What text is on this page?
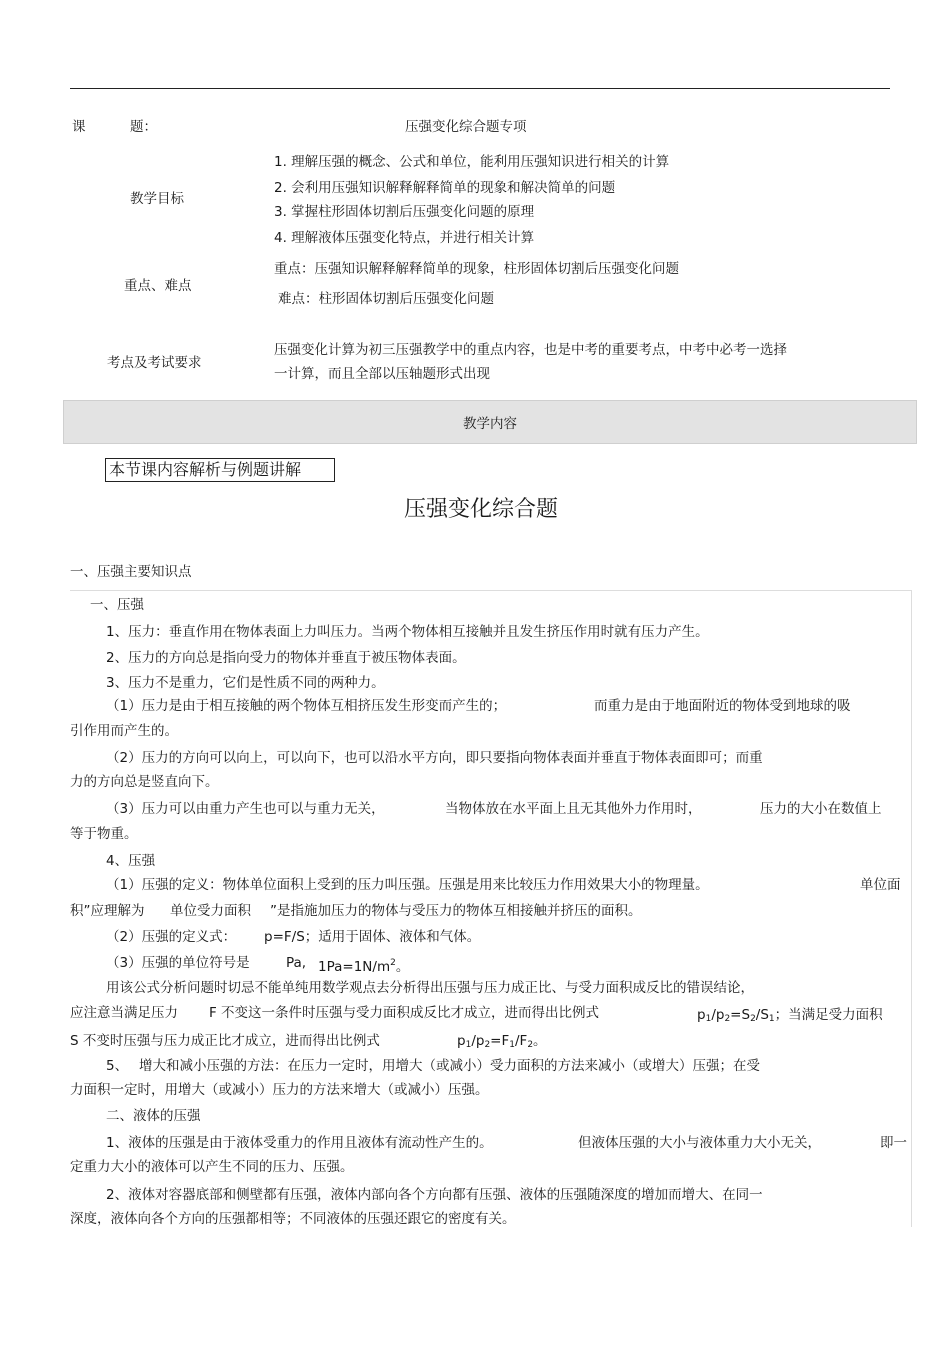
课	题：	压强变化综合题专项
教学目标
1. 理解压强的概念、公式和单位，能利用压强知识进行相关的计算
2. 会利用压强知识解释解释简单的现象和解决简单的问题
3. 掌握柱形固体切割后压强变化问题的原理
4. 理解液体压强变化特点，并进行相关计算
重点、难点
重点：压强知识解释解释简单的现象，柱形固体切割后压强变化问题
难点：柱形固体切割后压强变化问题
考点及考试要求
压强变化计算为初三压强教学中的重点内容，也是中考的重要考点，中考中必考一选择
一计算，而且全部以压轴题形式出现
教学内容
本节课内容解析与例题讲解
压强变化综合题
一、压强主要知识点
一、压强
1、压力：垂直作用在物体表面上力叫压力。当两个物体相互接触并且发生挤压作用时就有压力产生。
2、压力的方向总是指向受力的物体并垂直于被压物体表面。
3、压力不是重力，它们是性质不同的两种力。
（1）压力是由于相互接触的两个物体互相挤压发生形变而产生的；	而重力是由于地面附近的物体受到地球的吸
引作用而产生的。
（2）压力的方向可以向上，可以向下，也可以沿水平方向，即只要指向物体表面并垂直于物体表面即可；而重
力的方向总是竖直向下。
（3）压力可以由重力产生也可以与重力无关，	当物体放在水平面上且无其他外力作用时，	压力的大小在数值上
等于物重。
4、压强
（1）压强的定义：物体单位面积上受到的压力叫压强。压强是用来比较压力作用效果大小的物理量。	单位面
积”应理解为 单位受力面积 ”是指施加压力的物体与受压力的物体互相接触并挤压的面积。
（2）压强的定义式： p=F/S；适用于固体、液体和气体。
（3）压强的单位符号是	Pa, $1Pa=1N/m^2$。
用该公式分析问题时切忌不能单纯用数学观点去分析得出压强与压力成正比、与受力面积成反比的错误结论，
应注意当满足压力 F 不变这一条件时压强与受力面积成反比才成立，进而得出比例式	$p_1/p_2=S_2/S_1$；当满足受力面积
S 不变时压强与压力成正比才成立，进而得出比例式	$p_1/p_2=F_1/F_2$。
5、 增大和减小压强的方法：在压力一定时，用增大（或减小）受力面积的方法来减小（或增大）压强；在受
力面积一定时，用增大（或减小）压力的方法来增大（或减小）压强。
二、液体的压强
1、液体的压强是由于液体受重力的作用且液体有流动性产生的。	但液体压强的大小与液体重力大小无关，	即一
定重力大小的液体可以产生不同的压力、压强。
2、液体对容器底部和侧壁都有压强，液体内部向各个方向都有压强、液体的压强随深度的增加而增大、在同一
深度，液体向各个方向的压强都相等；不同液体的压强还跟它的密度有关。
